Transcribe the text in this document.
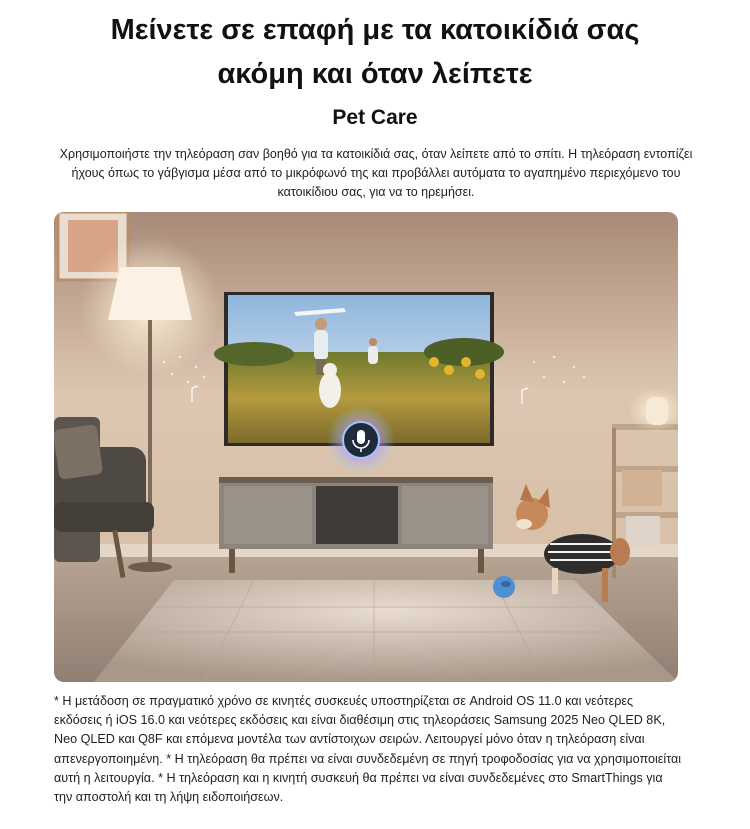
Μείνετε σε επαφή με τα κατοικίδιά σας
ακόμη και όταν λείπετε
Pet Care

Χρησιμοποιήστε την τηλεόραση σαν βοηθό για τα κατοικίδιά σας, όταν λείπετε από το σπίτι. Η τηλεόραση εντοπίζει ήχους όπως το γάβγισμα μέσα από το μικρόφωνό της και προβάλλει αυτόματα το αγαπημένο περιεχόμενο του κατοικίδιου σας, για να το ηρεμήσει.

* Η μετάδοση σε πραγματικό χρόνο σε κινητές συσκευές υποστηρίζεται σε Android OS 11.0 και νεότερες εκδόσεις ή iOS 16.0 και νεότερες εκδόσεις και είναι διαθέσιμη στις τηλεοράσεις Samsung 2025 Neo QLED 8K, Neo QLED και Q8F και επόμενα μοντέλα των αντίστοιχων σειρών. Λειτουργεί μόνο όταν η τηλεόραση είναι απενεργοποιημένη. * Η τηλεόραση θα πρέπει να είναι συνδεδεμένη σε πηγή τροφοδοσίας για να χρησιμοποιείται αυτή η λειτουργία. * Η τηλεόραση και η κινητή συσκευή θα πρέπει να είναι συνδεδεμένες στο SmartThings για την αποστολή και τη λήψη ειδοποιήσεων.
